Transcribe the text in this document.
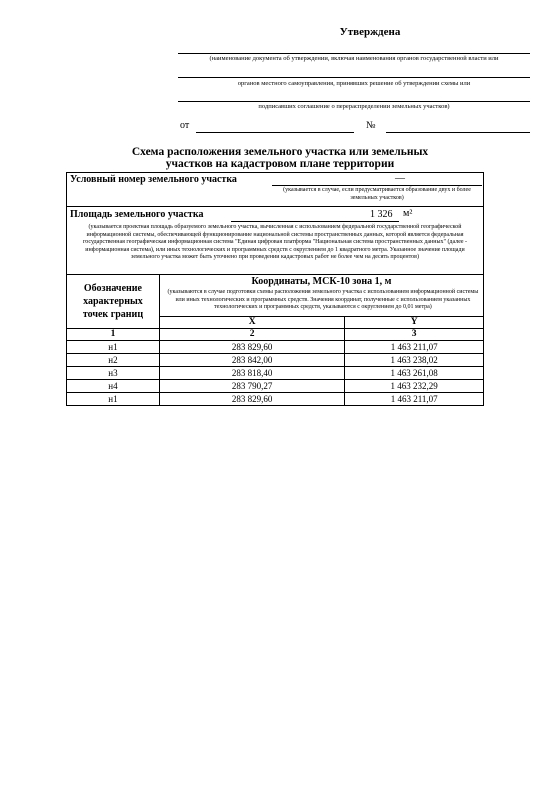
Утверждена
(наименование документа об утверждении, включая наименования органов государственной власти или
органов местного самоуправления, принявших решение об утверждении схемы или
подписавших соглашение о перераспределении земельных участков)
от	№
Схема расположения земельного участка или земельных
участков на кадастровом плане территории
Условный номер земельного участка —
(указывается в случае, если предусматривается образование двух и более земельных участков)		

Площадь земельного участка 1 326 м²
(указывается проектная площадь образуемого земельного участка, вычисленная с использованием федеральной государственной географической информационной системы, обеспечивающей функционирование национальной системы пространственных данных, которой является федеральная государственная географическая информационная система "Единая цифровая платформа "Национальная система пространственных данных" (далее - информационная система), или иных технологических и программных средств с округлением до 1 квадратного метра. Указанное значение площади земельного участка может быть уточнено при проведении кадастровых работ не более чем на десять процентов)		

Обозначение характерных точек границ	Координаты, МСК-10 зона 1, м
(указываются в случае подготовки схемы расположения земельного участка с использованием информационной системы или иных технологических и программных средств. Значения координат, полученные с использованием указанных технологических и программных средств, указываются с округлением до 0,01 метра)	

	X	Y
1	2	3
н1	283 829,60	1 463 211,07
н2	283 842,00	1 463 238,02
н3	283 818,40	1 463 261,08
н4	283 790,27	1 463 232,29
н1	283 829,60	1 463 211,07
